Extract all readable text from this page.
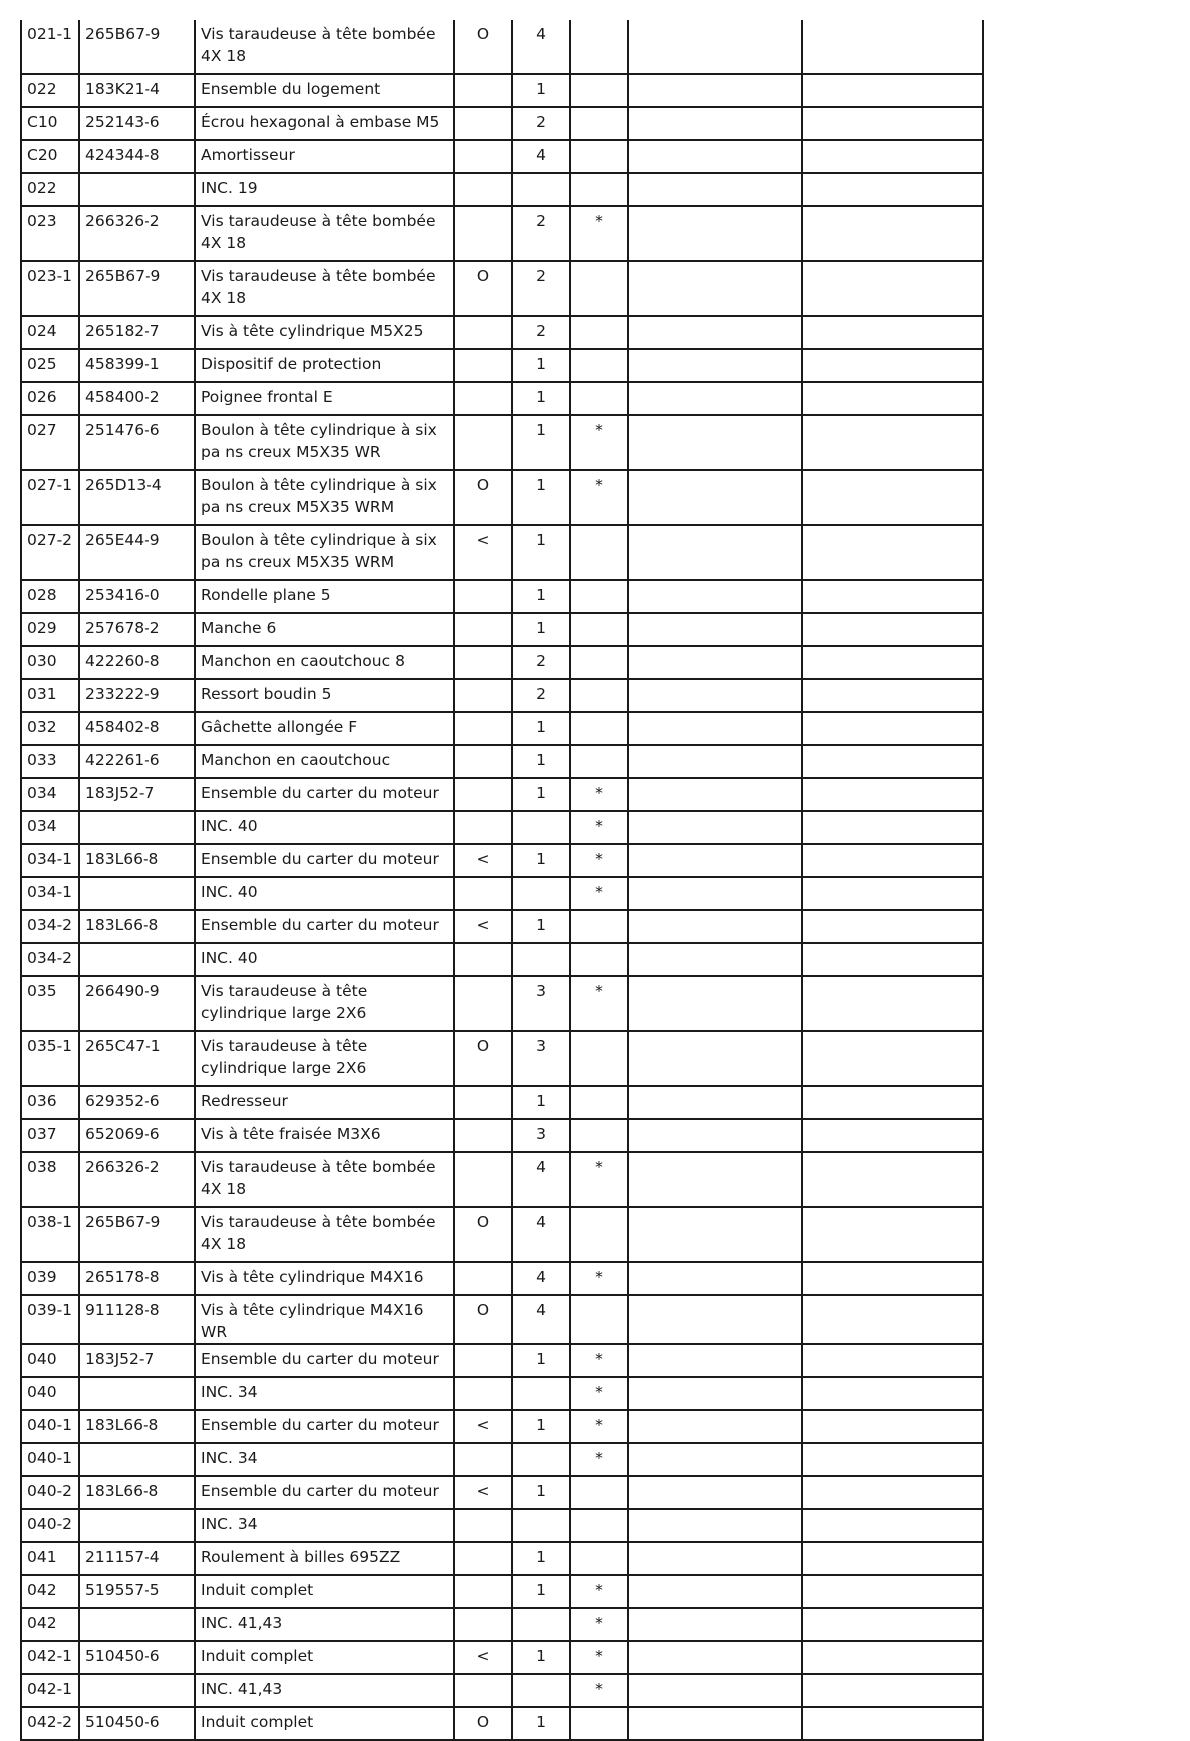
021-1	265B67-9	Vis taraudeuse à tête bombée 4X 18	O	4			
022	183K21-4	Ensemble du logement		1			
C10	252143-6	Écrou hexagonal à embase M5		2			
C20	424344-8	Amortisseur		4			
022		INC. 19					
023	266326-2	Vis taraudeuse à tête bombée 4X 18		2	*		
023-1	265B67-9	Vis taraudeuse à tête bombée 4X 18	O	2			
024	265182-7	Vis à tête cylindrique M5X25		2			
025	458399-1	Dispositif de protection		1			
026	458400-2	Poignee frontal E		1			
027	251476-6	Boulon à tête cylindrique à six pa ns creux M5X35 WR		1	*		
027-1	265D13-4	Boulon à tête cylindrique à six pa ns creux M5X35 WRM	O	1	*		
027-2	265E44-9	Boulon à tête cylindrique à six pa ns creux M5X35 WRM	<	1			
028	253416-0	Rondelle plane 5		1			
029	257678-2	Manche 6		1			
030	422260-8	Manchon en caoutchouc 8		2			
031	233222-9	Ressort boudin 5		2			
032	458402-8	Gâchette allongée F		1			
033	422261-6	Manchon en caoutchouc		1			
034	183J52-7	Ensemble du carter du moteur		1	*		
034		INC. 40			*		
034-1	183L66-8	Ensemble du carter du moteur	<	1	*		
034-1		INC. 40			*		
034-2	183L66-8	Ensemble du carter du moteur	<	1			
034-2		INC. 40					
035	266490-9	Vis taraudeuse à tête cylindrique large 2X6		3	*		
035-1	265C47-1	Vis taraudeuse à tête cylindrique large 2X6	O	3			
036	629352-6	Redresseur		1			
037	652069-6	Vis à tête fraisée M3X6		3			
038	266326-2	Vis taraudeuse à tête bombée 4X 18		4	*		
038-1	265B67-9	Vis taraudeuse à tête bombée 4X 18	O	4			
039	265178-8	Vis à tête cylindrique M4X16		4	*		
039-1	911128-8	Vis à tête cylindrique M4X16 WR	O	4			
040	183J52-7	Ensemble du carter du moteur		1	*		
040		INC. 34			*		
040-1	183L66-8	Ensemble du carter du moteur	<	1	*		
040-1		INC. 34			*		
040-2	183L66-8	Ensemble du carter du moteur	<	1			
040-2		INC. 34					
041	211157-4	Roulement à billes 695ZZ		1			
042	519557-5	Induit complet		1	*		
042		INC. 41,43			*		
042-1	510450-6	Induit complet	<	1	*		
042-1		INC. 41,43			*		
042-2	510450-6	Induit complet	O	1			
